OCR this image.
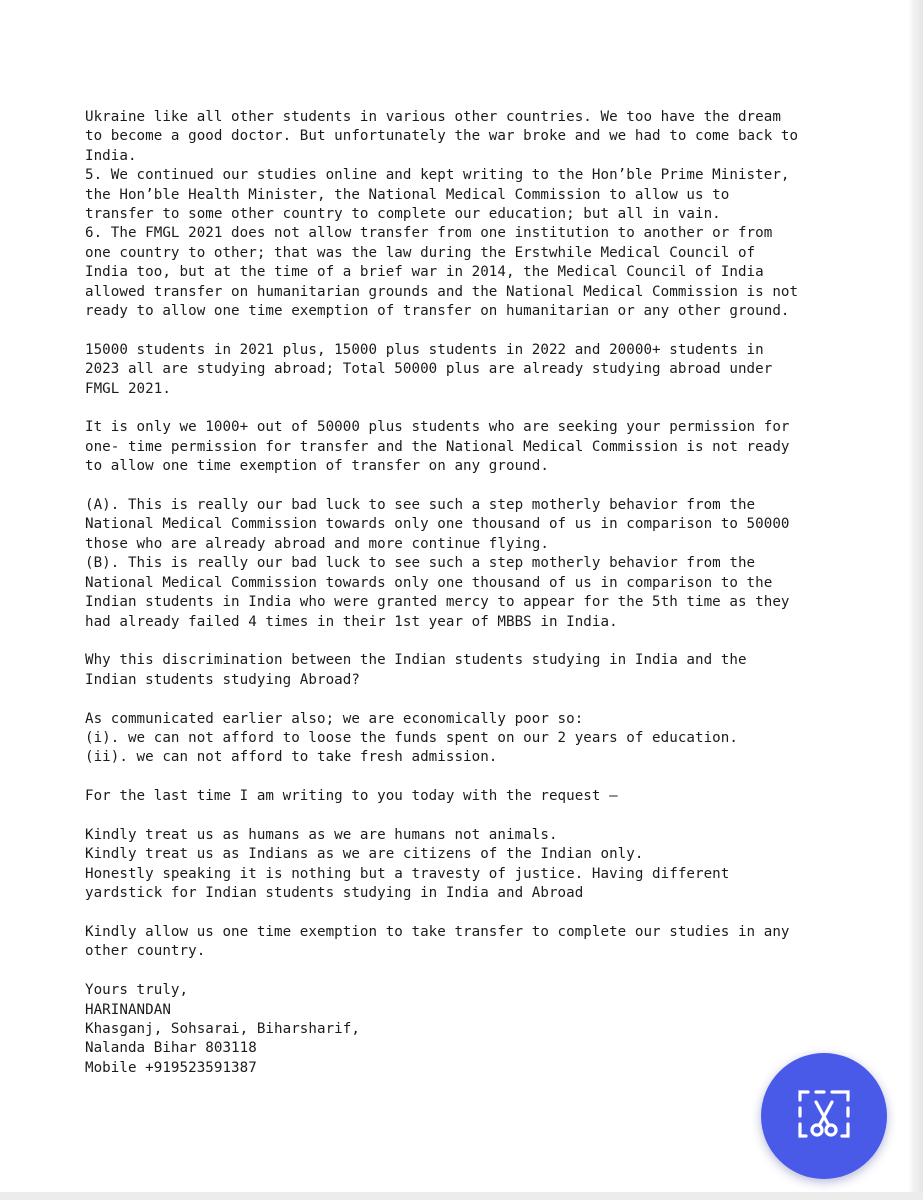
Ukraine like all other students in various other countries. We too have the dream
to become a good doctor. But unfortunately the war broke and we had to come back to
India.
5. We continued our studies online and kept writing to the Hon’ble Prime Minister,
the Hon’ble Health Minister, the National Medical Commission to allow us to
transfer to some other country to complete our education; but all in vain.
6. The FMGL 2021 does not allow transfer from one institution to another or from
one country to other; that was the law during the Erstwhile Medical Council of
India too, but at the time of a brief war in 2014, the Medical Council of India
allowed transfer on humanitarian grounds and the National Medical Commission is not
ready to allow one time exemption of transfer on humanitarian or any other ground.
15000 students in 2021 plus, 15000 plus students in 2022 and 20000+ students in
2023 all are studying abroad; Total 50000 plus are already studying abroad under
FMGL 2021.
It is only we 1000+ out of 50000 plus students who are seeking your permission for
one- time permission for transfer and the National Medical Commission is not ready
to allow one time exemption of transfer on any ground.
(A). This is really our bad luck to see such a step motherly behavior from the
National Medical Commission towards only one thousand of us in comparison to 50000
those who are already abroad and more continue flying.
(B). This is really our bad luck to see such a step motherly behavior from the
National Medical Commission towards only one thousand of us in comparison to the
Indian students in India who were granted mercy to appear for the 5th time as they
had already failed 4 times in their 1st year of MBBS in India.
Why this discrimination between the Indian students studying in India and the
Indian students studying Abroad?
As communicated earlier also; we are economically poor so:
(i). we can not afford to loose the funds spent on our 2 years of education.
(ii). we can not afford to take fresh admission.
For the last time I am writing to you today with the request –
Kindly treat us as humans as we are humans not animals.
Kindly treat us as Indians as we are citizens of the Indian only.
Honestly speaking it is nothing but a travesty of justice. Having different
yardstick for Indian students studying in India and Abroad
Kindly allow us one time exemption to take transfer to complete our studies in any
other country.
Yours truly,
HARINANDAN
Khasganj, Sohsarai, Biharsharif,
Nalanda Bihar 803118
Mobile +919523591387
